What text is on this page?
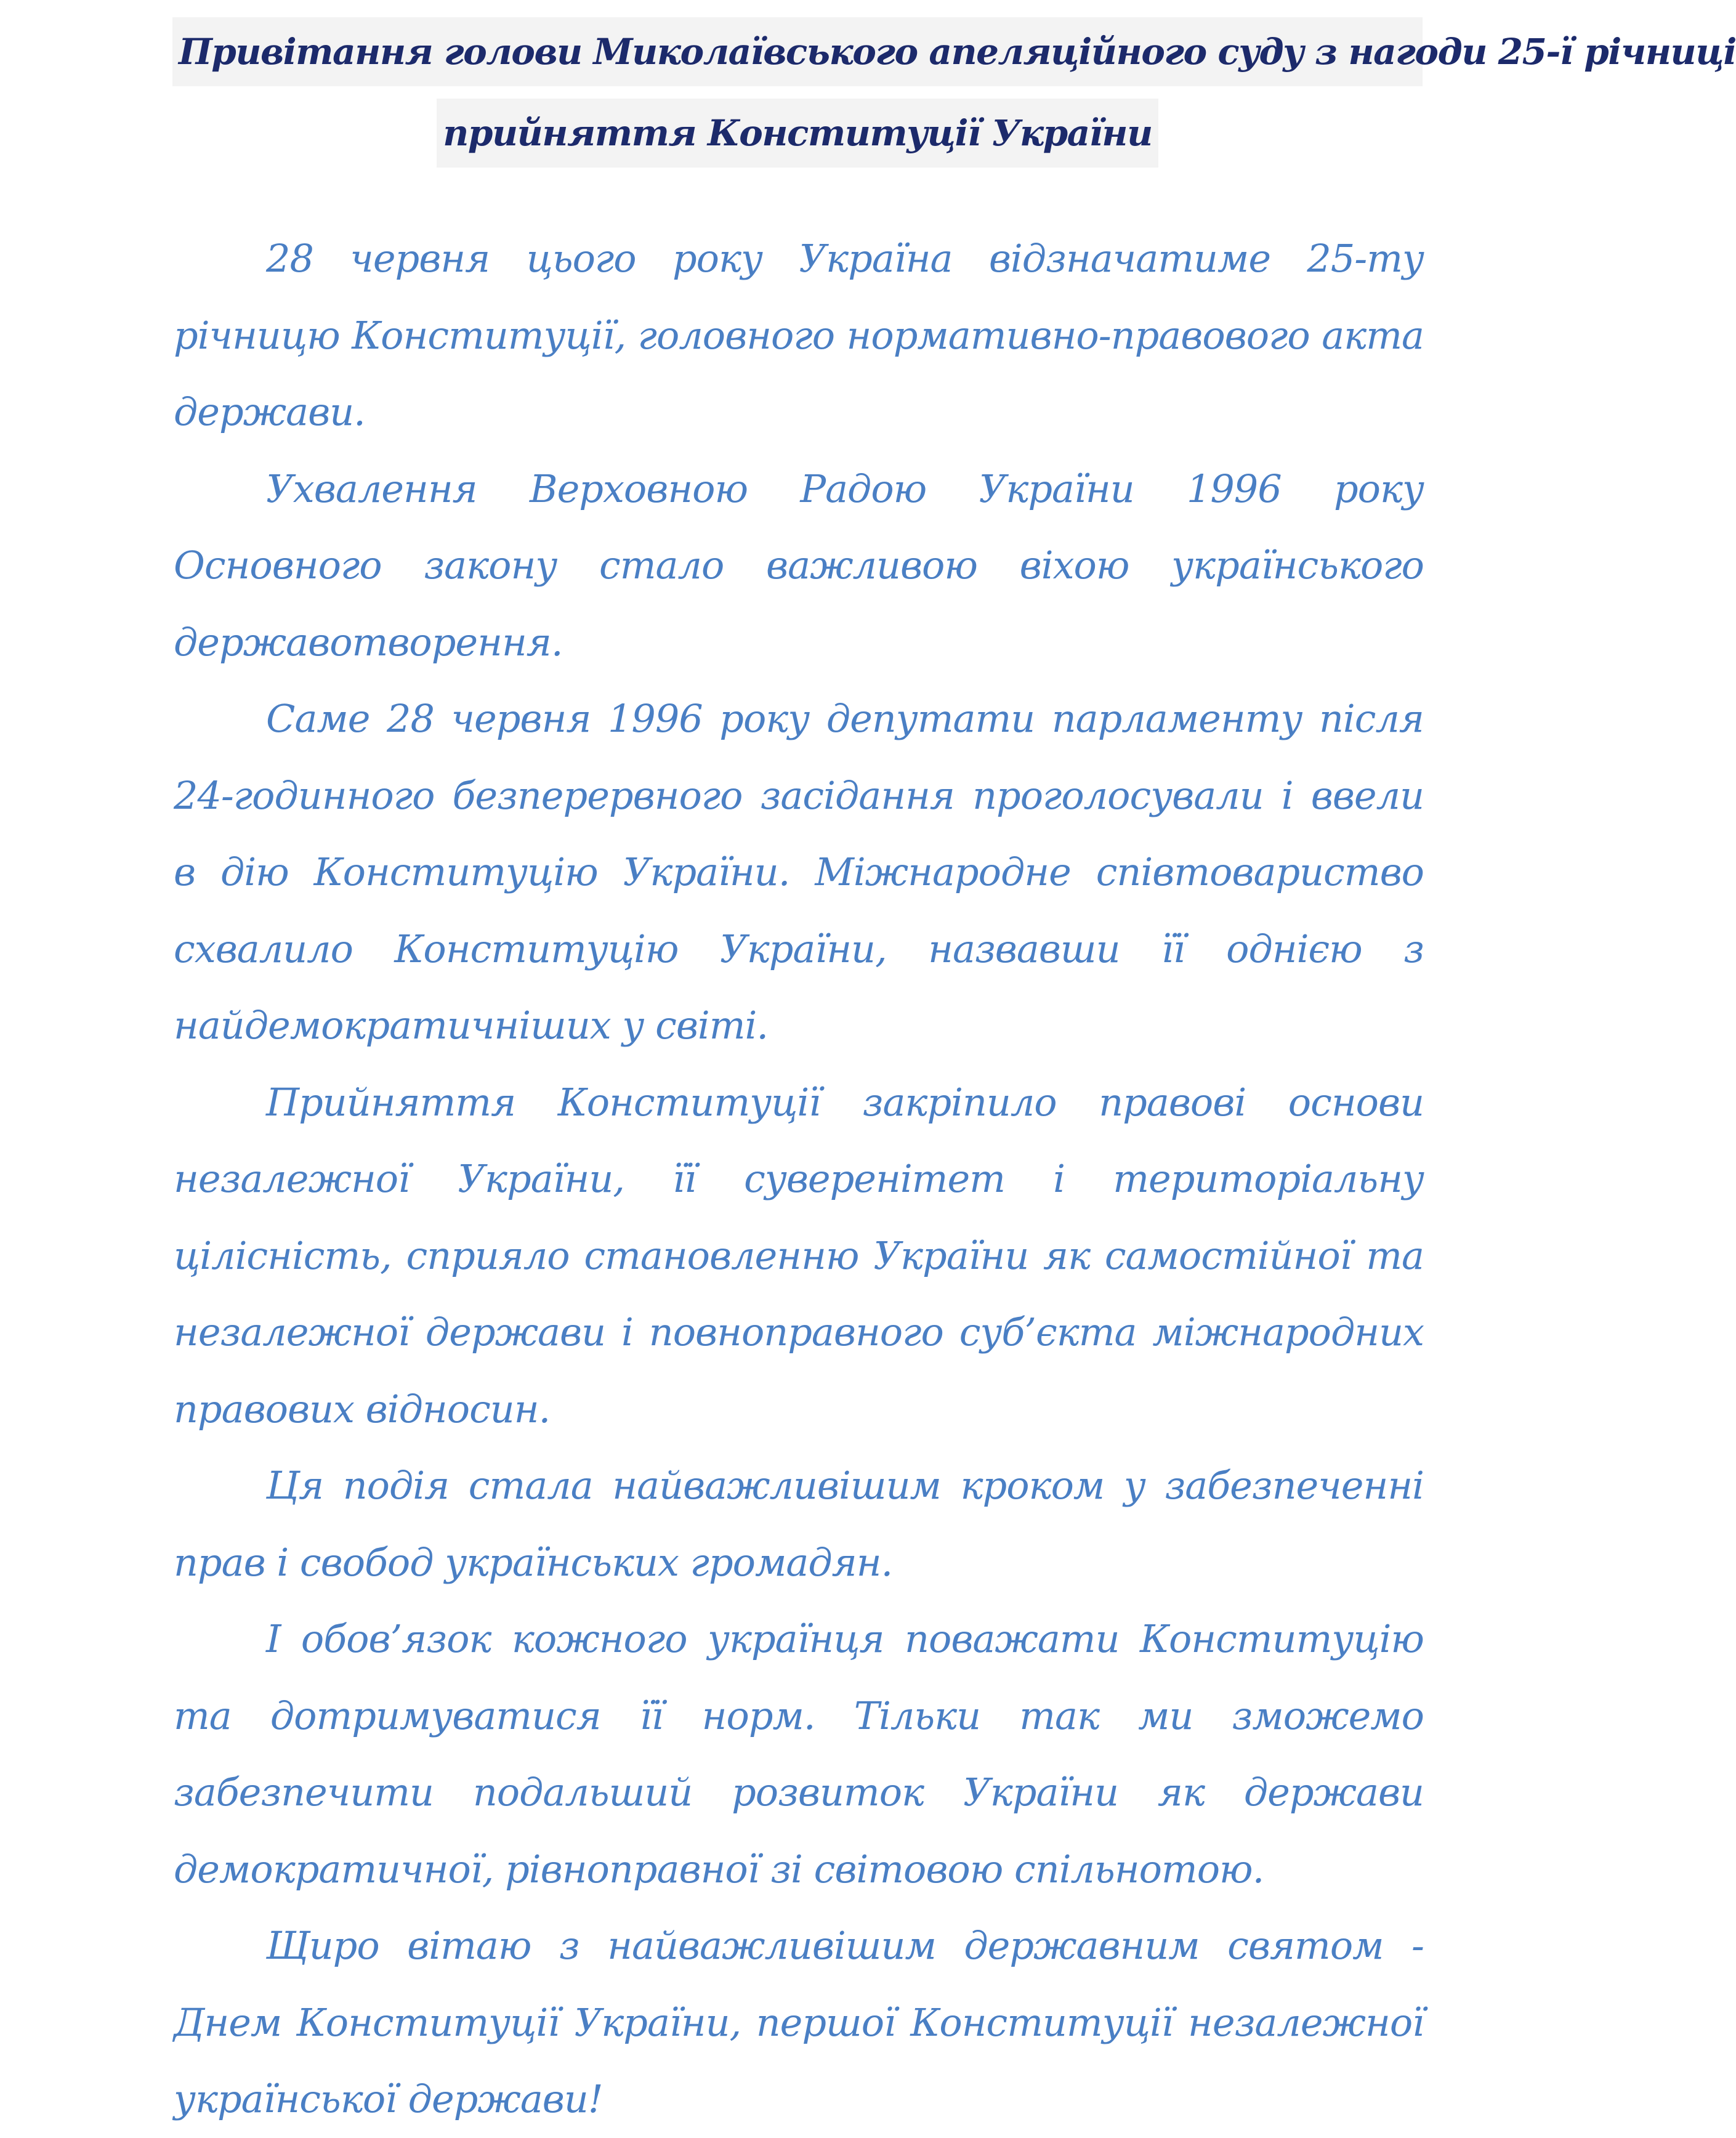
Привітання голови Миколаївського апеляційного суду з нагоди 25-ї річниці
прийняття Конституції України

28 червня цього року Україна відзначатиме 25-ту річницю Конституції, головного нормативно-правового акта держави.

Ухвалення Верховною Радою України 1996 року Основного закону стало важливою віхою українського державотворення.

Саме 28 червня 1996 року депутати парламенту після 24-годинного безперервного засідання проголосували і ввели в дію Конституцію України. Міжнародне співтовариство схвалило Конституцію України, назвавши її однією з найдемократичніших у світі.

Прийняття Конституції закріпило правові основи незалежної України, її суверенітет і територіальну цілісність, сприяло становленню України як самостійної та незалежної держави і повноправного суб’єкта міжнародних правових відносин.

Ця подія стала найважливішим кроком у забезпеченні прав і свобод українських громадян.

І обов’язок кожного українця поважати Конституцію та дотримуватися її норм. Тільки так ми зможемо забезпечити подальший розвиток України як держави демократичної, рівноправної зі світовою спільнотою.

Щиро вітаю з найважливішим державним святом - Днем Конституції України, першої Конституції незалежної української держави!
